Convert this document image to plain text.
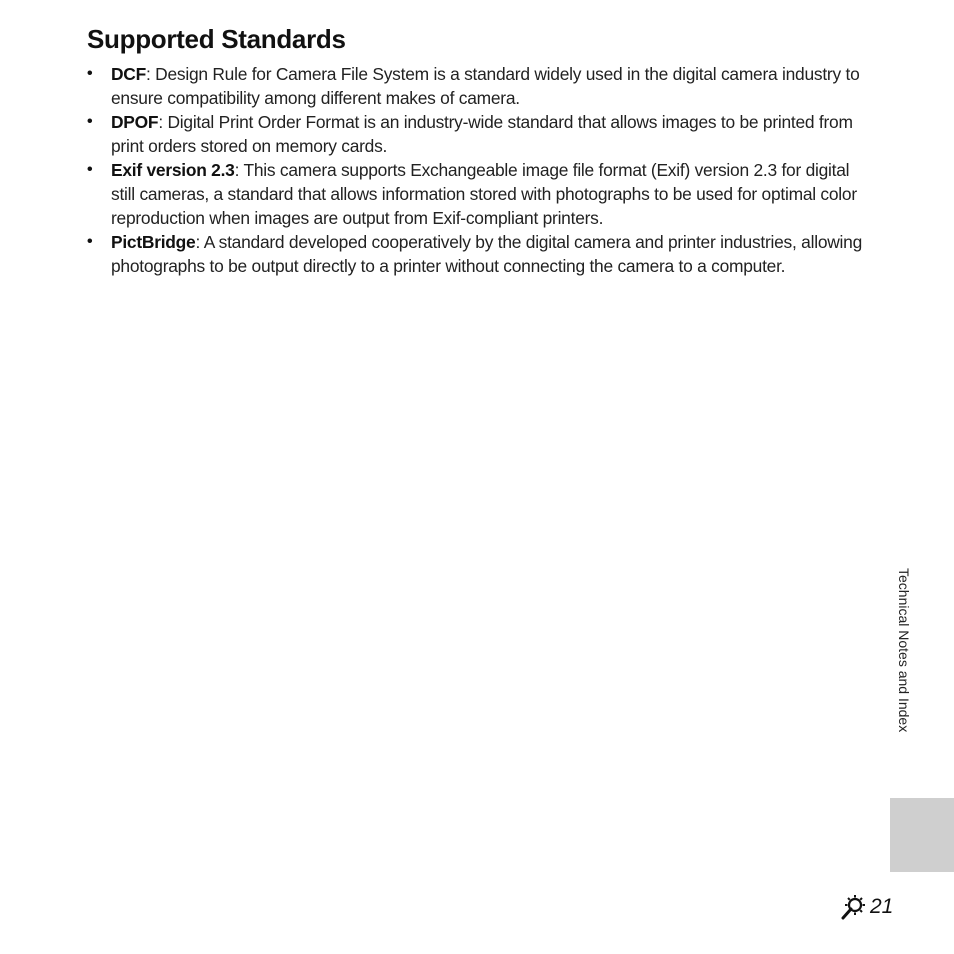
Supported Standards
• DCF: Design Rule for Camera File System is a standard widely used in the digital camera industry to ensure compatibility among different makes of camera.
• DPOF: Digital Print Order Format is an industry-wide standard that allows images to be printed from print orders stored on memory cards.
• Exif version 2.3: This camera supports Exchangeable image file format (Exif) version 2.3 for digital still cameras, a standard that allows information stored with photographs to be used for optimal color reproduction when images are output from Exif-compliant printers.
• PictBridge: A standard developed cooperatively by the digital camera and printer industries, allowing photographs to be output directly to a printer without connecting the camera to a computer.
Technical Notes and Index
21
